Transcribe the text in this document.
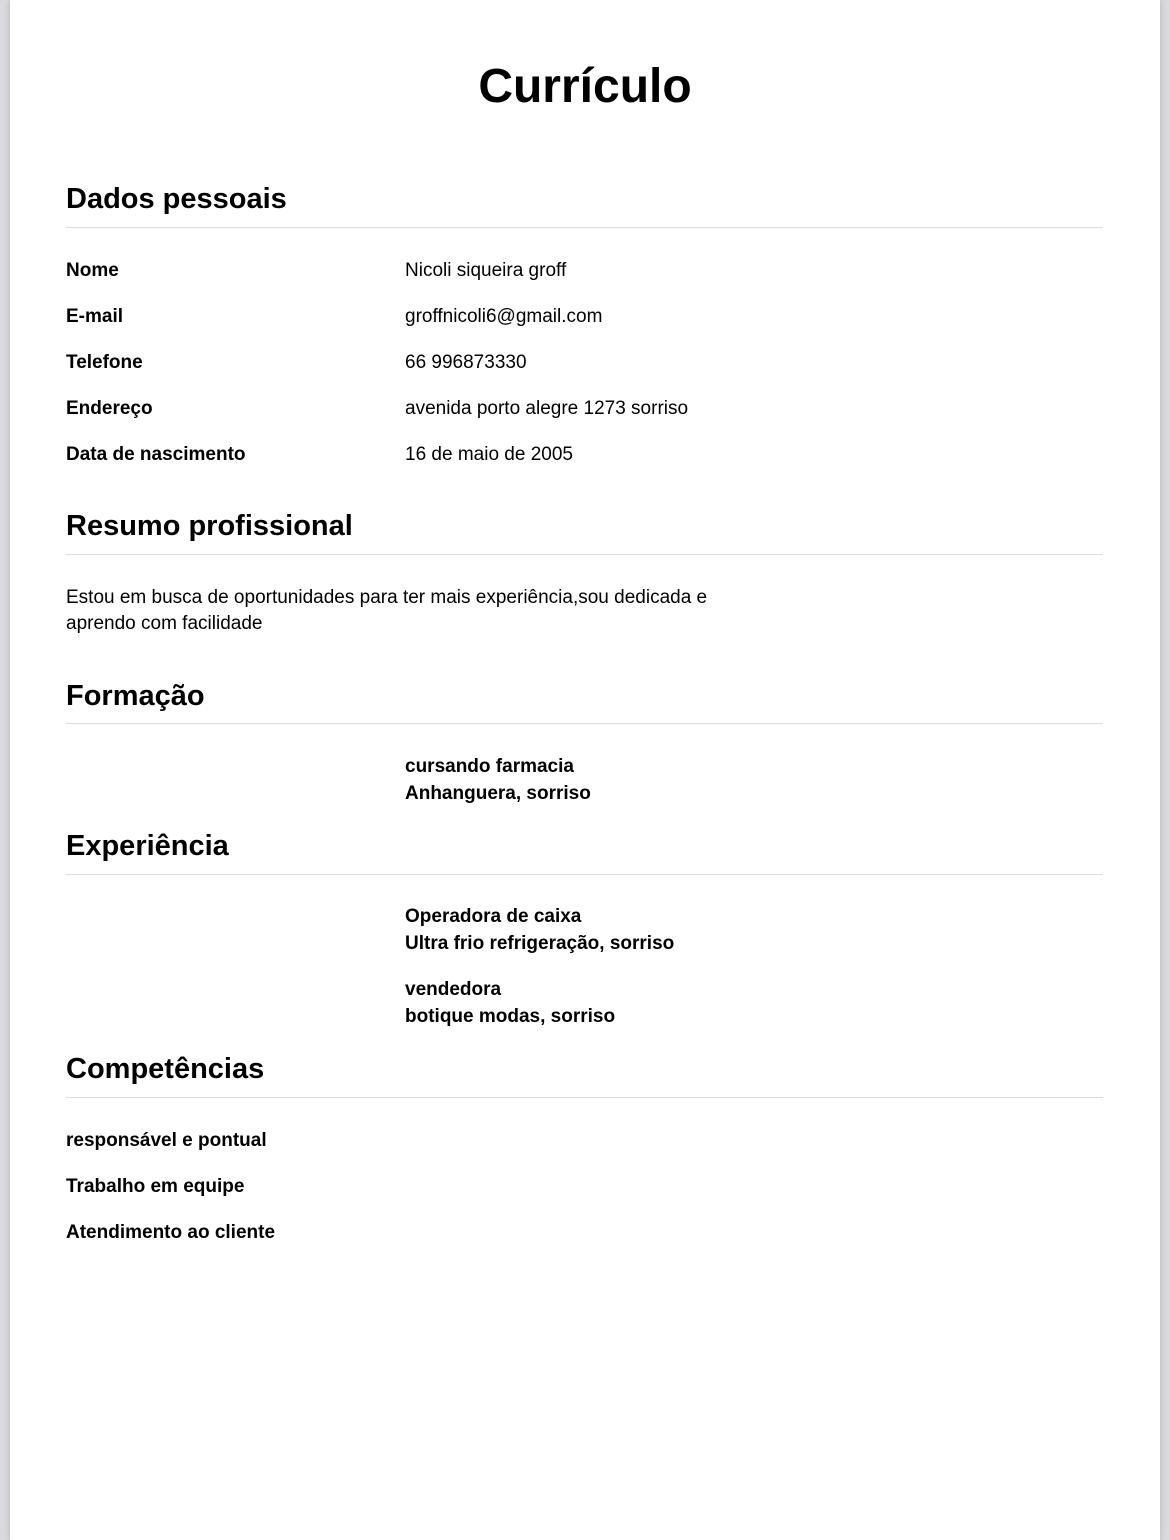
Currículo
Dados pessoais
Nome	Nicoli siqueira groff
E-mail	groffnicoli6@gmail.com
Telefone	66 996873330
Endereço	avenida porto alegre 1273 sorriso
Data de nascimento	16 de maio de 2005
Resumo profissional
Estou em busca de oportunidades para ter mais experiência,sou dedicada e aprendo com facilidade
Formação
cursando farmacia
Anhanguera, sorriso
Experiência
Operadora de caixa
Ultra frio refrigeração, sorriso
vendedora
botique modas, sorriso
Competências
responsável e pontual
Trabalho em equipe
Atendimento ao cliente
